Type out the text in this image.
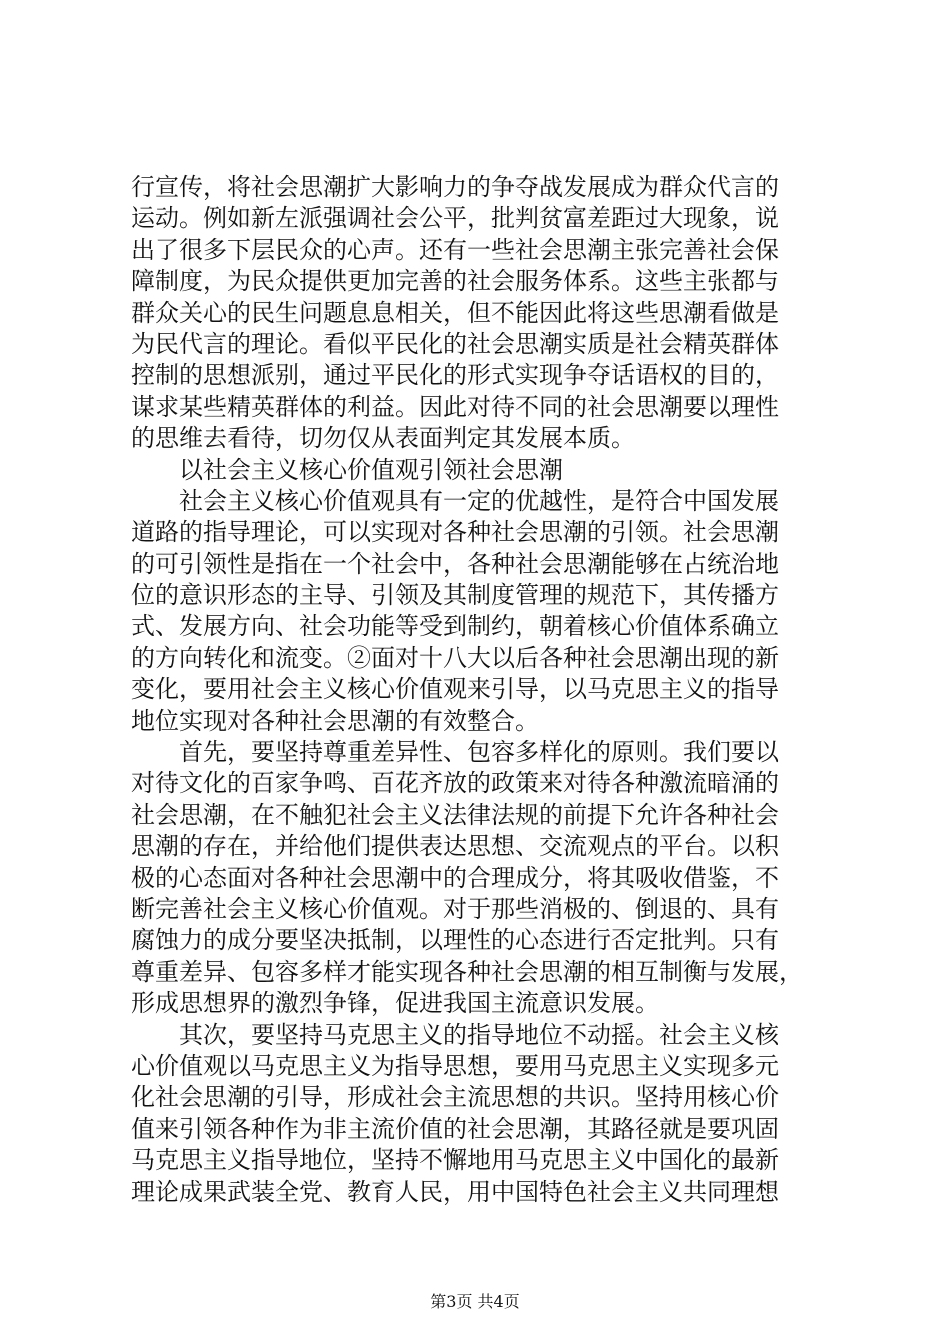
行宣传，将社会思潮扩大影响力的争夺战发展成为群众代言的
运动。例如新左派强调社会公平，批判贫富差距过大现象，说
出了很多下层民众的心声。还有一些社会思潮主张完善社会保
障制度，为民众提供更加完善的社会服务体系。这些主张都与
群众关心的民生问题息息相关，但不能因此将这些思潮看做是
为民代言的理论。看似平民化的社会思潮实质是社会精英群体
控制的思想派别，通过平民化的形式实现争夺话语权的目的，
谋求某些精英群体的利益。因此对待不同的社会思潮要以理性
的思维去看待，切勿仅从表面判定其发展本质。
以社会主义核心价值观引领社会思潮
社会主义核心价值观具有一定的优越性，是符合中国发展
道路的指导理论，可以实现对各种社会思潮的引领。社会思潮
的可引领性是指在一个社会中，各种社会思潮能够在占统治地
位的意识形态的主导、引领及其制度管理的规范下，其传播方
式、发展方向、社会功能等受到制约，朝着核心价值体系确立
的方向转化和流变。②面对十八大以后各种社会思潮出现的新
变化，要用社会主义核心价值观来引导，以马克思主义的指导
地位实现对各种社会思潮的有效整合。
首先，要坚持尊重差异性、包容多样化的原则。我们要以
对待文化的百家争鸣、百花齐放的政策来对待各种激流暗涌的
社会思潮，在不触犯社会主义法律法规的前提下允许各种社会
思潮的存在，并给他们提供表达思想、交流观点的平台。以积
极的心态面对各种社会思潮中的合理成分，将其吸收借鉴，不
断完善社会主义核心价值观。对于那些消极的、倒退的、具有
腐蚀力的成分要坚决抵制，以理性的心态进行否定批判。只有
尊重差异、包容多样才能实现各种社会思潮的相互制衡与发展，
形成思想界的激烈争锋，促进我国主流意识发展。
其次，要坚持马克思主义的指导地位不动摇。社会主义核
心价值观以马克思主义为指导思想，要用马克思主义实现多元
化社会思潮的引导，形成社会主流思想的共识。坚持用核心价
值来引领各种作为非主流价值的社会思潮，其路径就是要巩固
马克思主义指导地位，坚持不懈地用马克思主义中国化的最新
理论成果武装全党、教育人民，用中国特色社会主义共同理想
第3页 共4页
